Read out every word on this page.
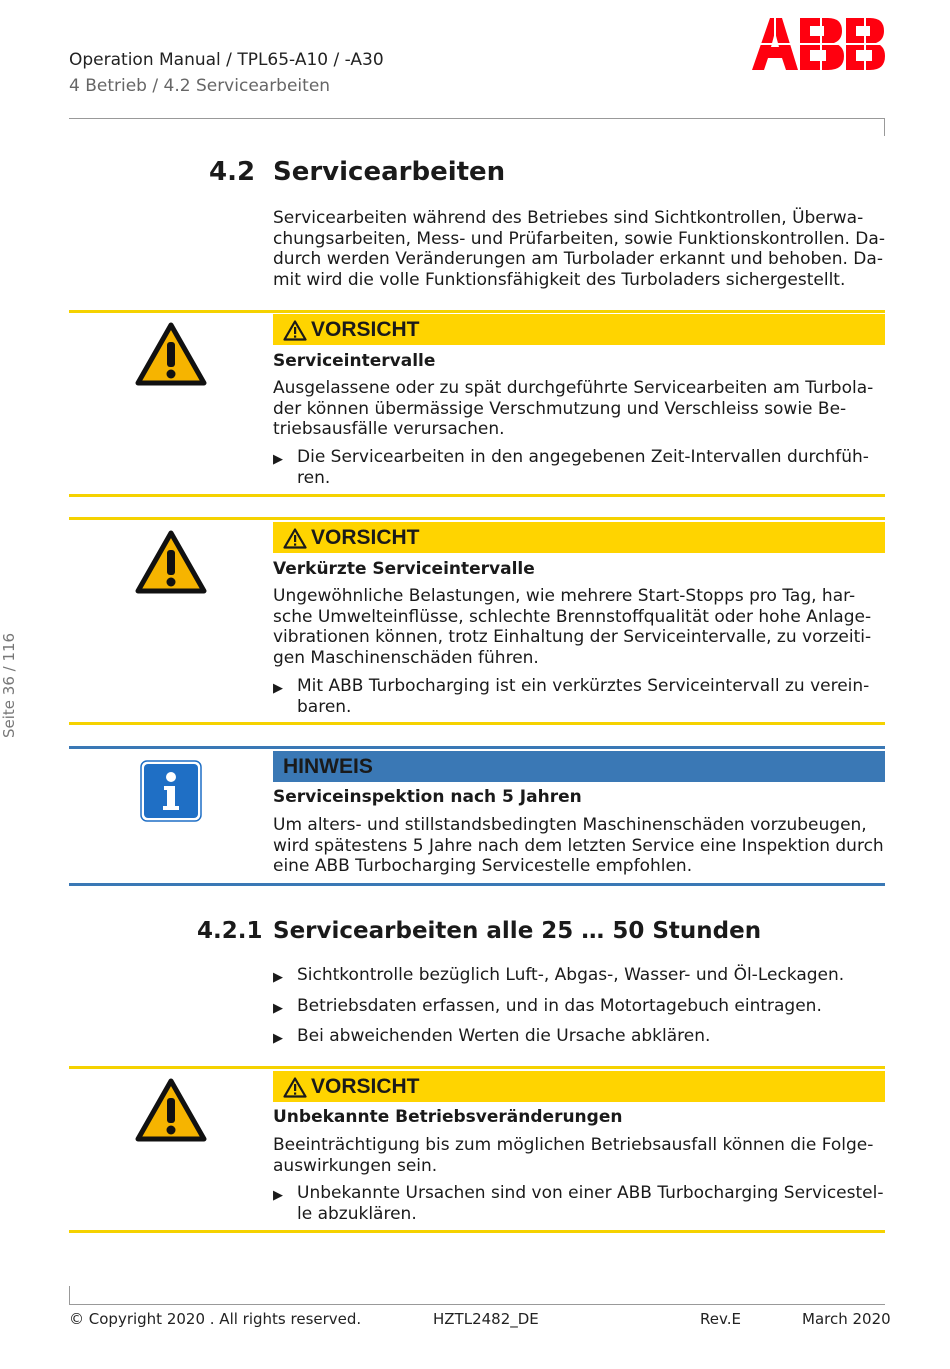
Operation Manual / TPL65-A10 / -A30
4 Betrieb / 4.2 Servicearbeiten
Seite 36 / 116
4.2 Servicearbeiten
Servicearbeiten während des Betriebes sind Sichtkontrollen, Überwa-
chungsarbeiten, Mess- und Prüfarbeiten, sowie Funktionskontrollen. Da-
durch werden Veränderungen am Turbolader erkannt und behoben. Da-
mit wird die volle Funktionsfähigkeit des Turboladers sichergestellt.
VORSICHT
Serviceintervalle
Ausgelassene oder zu spät durchgeführte Servicearbeiten am Turbola-
der können übermässige Verschmutzung und Verschleiss sowie Be-
triebsausfälle verursachen.
▶ Die Servicearbeiten in den angegebenen Zeit-Intervallen durchfüh-
ren.
VORSICHT
Verkürzte Serviceintervalle
Ungewöhnliche Belastungen, wie mehrere Start-Stopps pro Tag, har-
sche Umwelteinflüsse, schlechte Brennstoffqualität oder hohe Anlage-
vibrationen können, trotz Einhaltung der Serviceintervalle, zu vorzeiti-
gen Maschinenschäden führen.
▶ Mit ABB Turbocharging ist ein verkürztes Serviceintervall zu verein-
baren.
HINWEIS
Serviceinspektion nach 5 Jahren
Um alters- und stillstandsbedingten Maschinenschäden vorzubeugen,
wird spätestens 5 Jahre nach dem letzten Service eine Inspektion durch
eine ABB Turbocharging Servicestelle empfohlen.
4.2.1 Servicearbeiten alle 25 … 50 Stunden
▶ Sichtkontrolle bezüglich Luft-, Abgas-, Wasser- und Öl-Leckagen.
▶ Betriebsdaten erfassen, und in das Motortagebuch eintragen.
▶ Bei abweichenden Werten die Ursache abklären.
VORSICHT
Unbekannte Betriebsveränderungen
Beeinträchtigung bis zum möglichen Betriebsausfall können die Folge-
auswirkungen sein.
▶ Unbekannte Ursachen sind von einer ABB Turbocharging Servicestel-
le abzuklären.
© Copyright 2020 . All rights reserved.	HZTL2482_DE	Rev.E	March 2020
